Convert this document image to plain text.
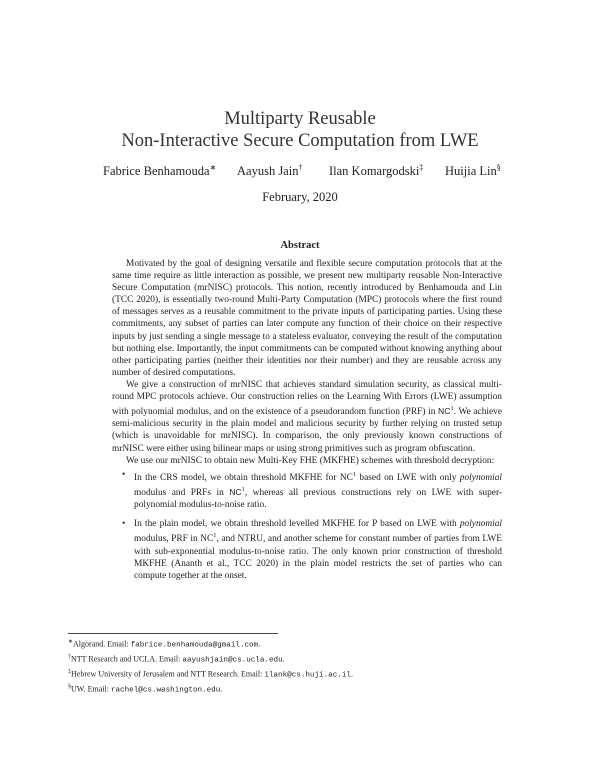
Multiparty Reusable
Non-Interactive Secure Computation from LWE
Fabrice Benhamouda∗ Aayush Jain† Ilan Komargodski‡ Huijia Lin§
February, 2020
Abstract

Motivated by the goal of designing versatile and flexible secure computation protocols that at the same time require as little interaction as possible, we present new multiparty reusable Non-Interactive Secure Computation (mrNISC) protocols. This notion, recently introduced by Benhamouda and Lin (TCC 2020), is essentially two-round Multi-Party Computation (MPC) protocols where the first round of messages serves as a reusable commitment to the private inputs of participating parties. Using these commitments, any subset of parties can later compute any function of their choice on their respective inputs by just sending a single message to a stateless evaluator, conveying the result of the computation but nothing else. Importantly, the input commitments can be computed without knowing anything about other participating parties (neither their identities nor their number) and they are reusable across any number of desired computations.

We give a construction of mrNISC that achieves standard simulation security, as classical multi-round MPC protocols achieve. Our construction relies on the Learning With Errors (LWE) assumption with polynomial modulus, and on the existence of a pseudorandom function (PRF) in $NC^1$. We achieve semi-malicious security in the plain model and malicious security by further relying on trusted setup (which is unavoidable for mrNISC). In comparison, the only previously known constructions of mrNISC were either using bilinear maps or using strong primitives such as program obfuscation.

We use our mrNISC to obtain new Multi-Key FHE (MKFHE) schemes with threshold decryption:

• In the CRS model, we obtain threshold MKFHE for $NC^1$ based on LWE with only polynomial modulus and PRFs in $NC^1$, whereas all previous constructions rely on LWE with super-polynomial modulus-to-noise ratio.
• In the plain model, we obtain threshold levelled MKFHE for P based on LWE with polynomial modulus, PRF in $NC^1$, and NTRU, and another scheme for constant number of parties from LWE with sub-exponential modulus-to-noise ratio. The only known prior construction of threshold MKFHE (Ananth et al., TCC 2020) in the plain model restricts the set of parties who can compute together at the onset.
∗Algorand. Email: fabrice.benhamouda@gmail.com.
†NTT Research and UCLA. Email: aayushjain@cs.ucla.edu.
‡Hebrew University of Jerusalem and NTT Research. Email: ilank@cs.huji.ac.il.
§UW. Email: rachel@cs.washington.edu.
